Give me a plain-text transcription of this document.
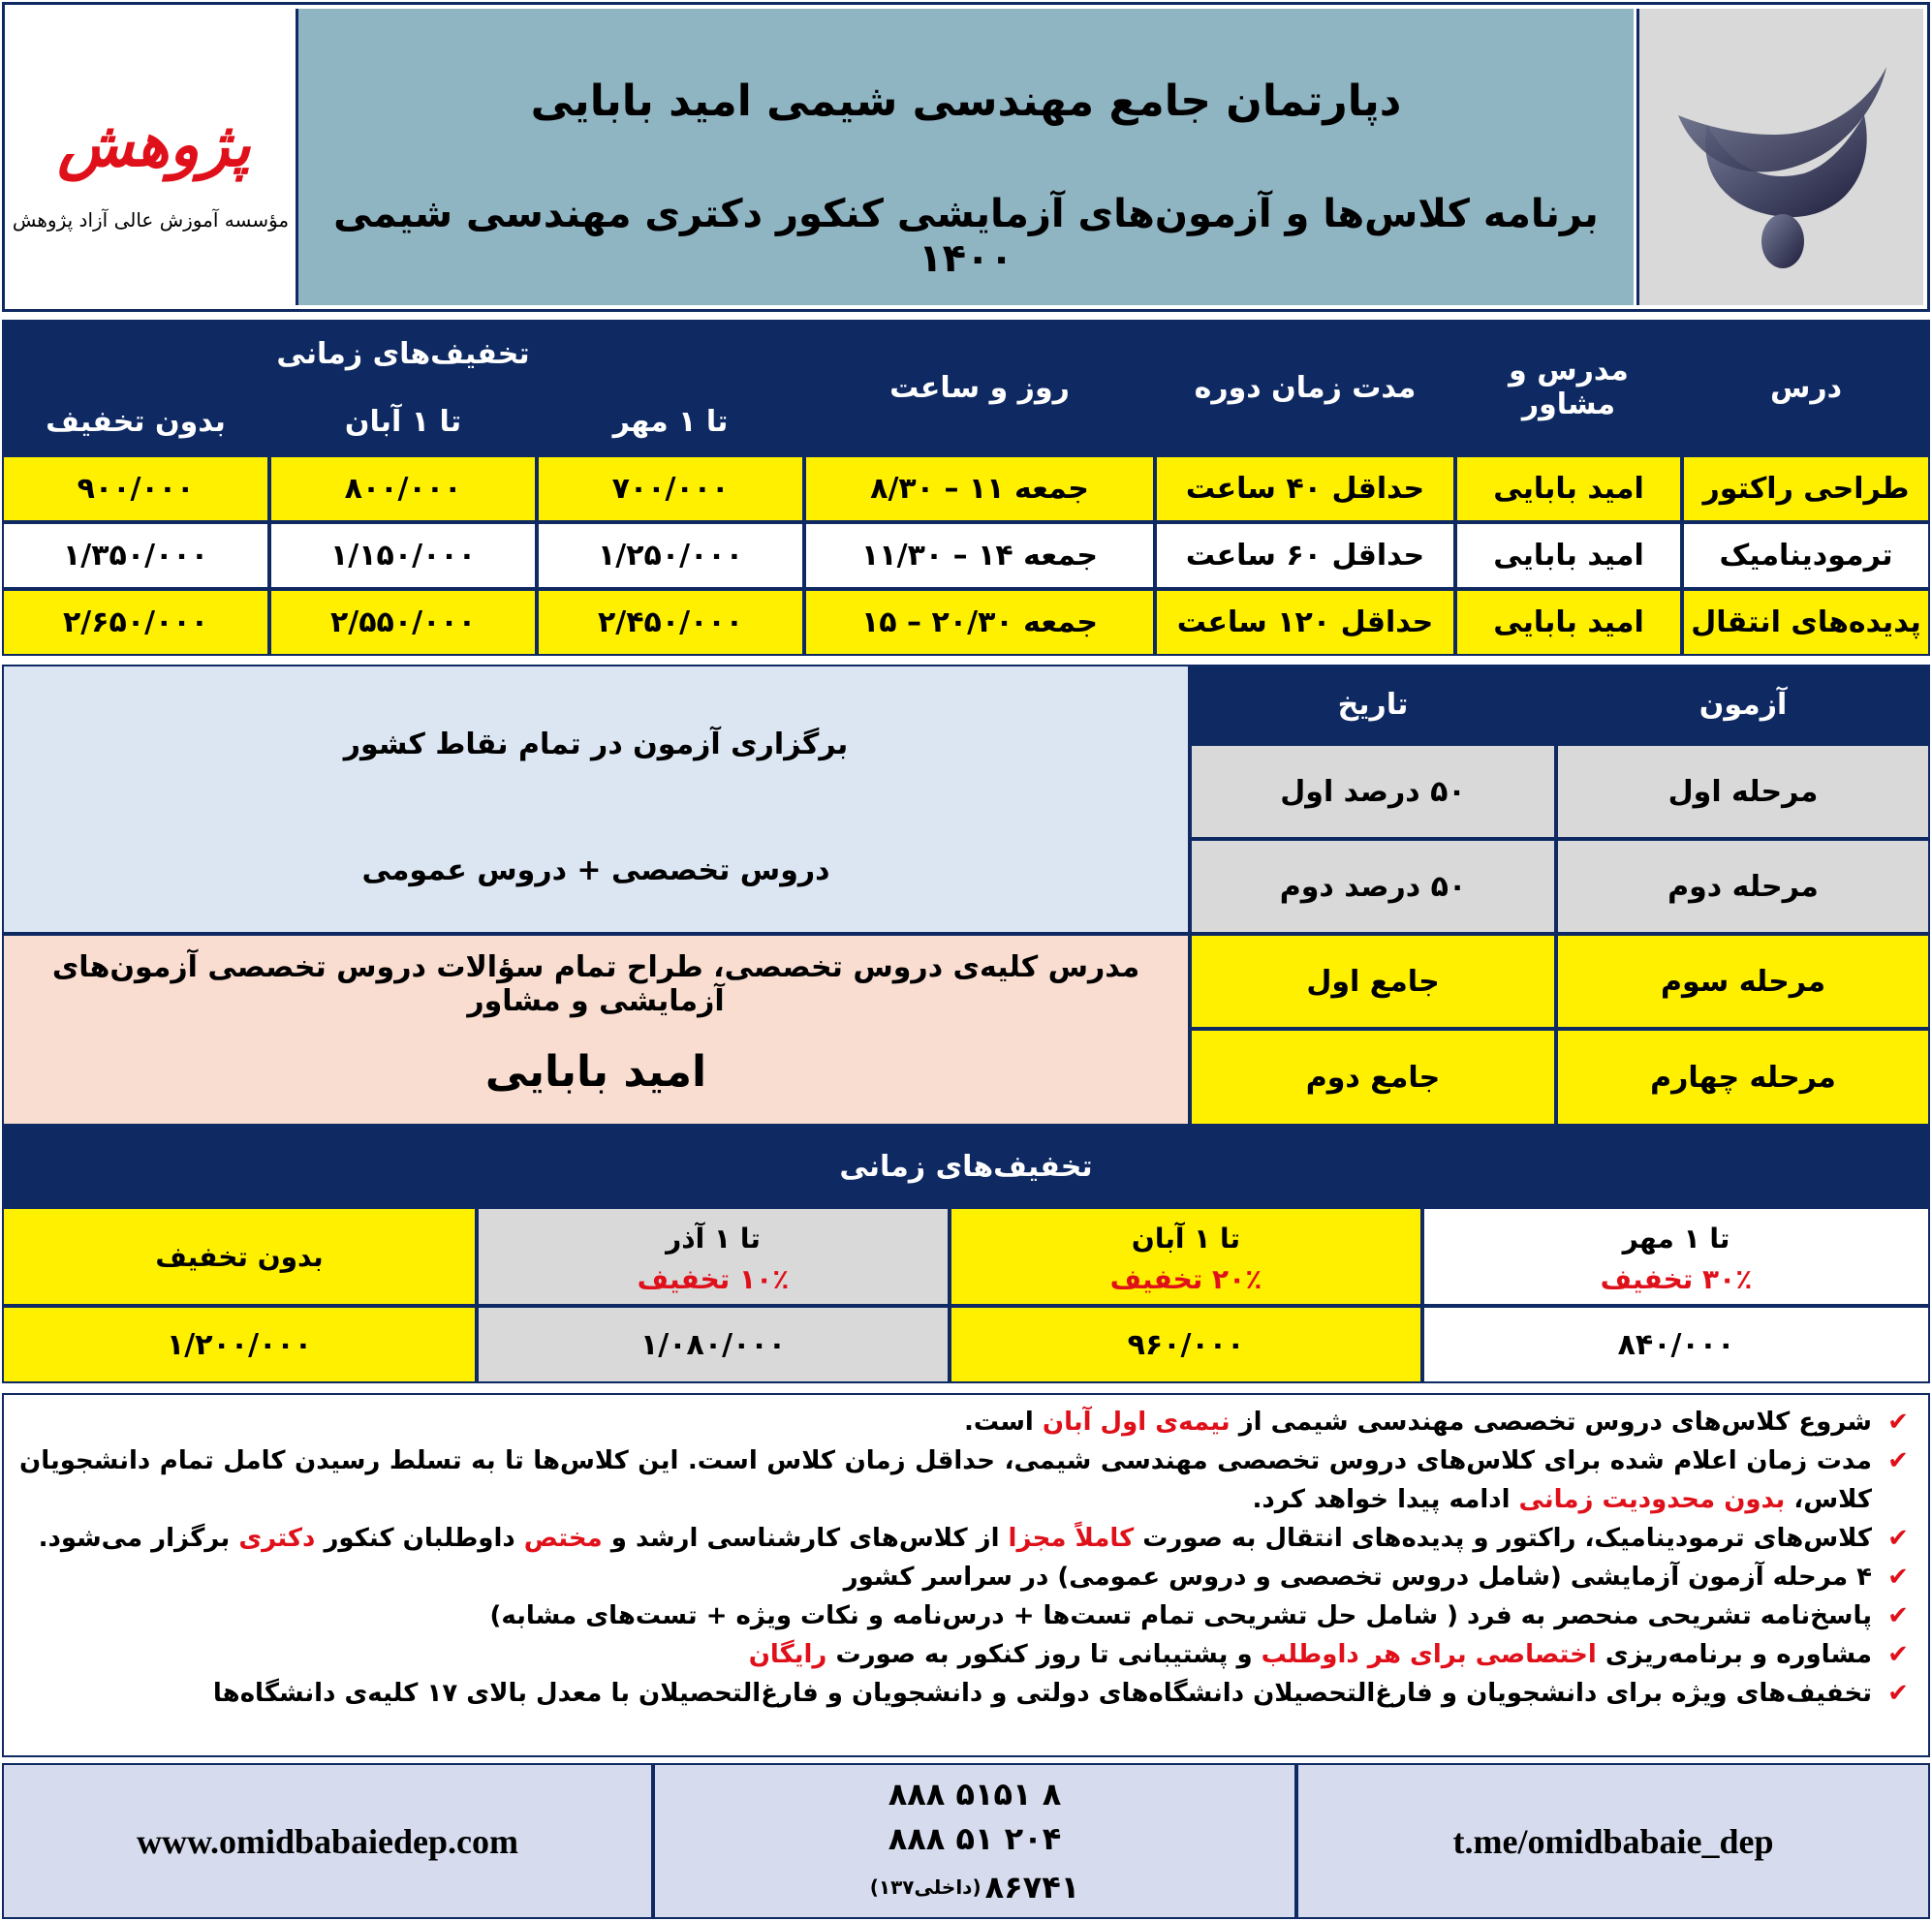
دپارتمان جامع مهندسی شیمی امید بابایی
برنامه کلاس‌ها و آزمون‌های آزمایشی کنکور دکتری مهندسی شیمی ۱۴۰۰
پژوهش
مؤسسه آموزش عالی آزاد پژوهش
درس
مدرس و مشاور
مدت زمان دوره
روز و ساعت
تخفیف‌های زمانی
تا ۱ مهر
تا ۱ آبان
بدون تخفیف
طراحی راکتور
امید بابایی
حداقل ۴۰ ساعت
جمعه ۱۱ – ۸/۳۰
۷۰۰/۰۰۰
۸۰۰/۰۰۰
۹۰۰/۰۰۰
ترمودینامیک
امید بابایی
حداقل ۶۰ ساعت
جمعه ۱۴ – ۱۱/۳۰
۱/۲۵۰/۰۰۰
۱/۱۵۰/۰۰۰
۱/۳۵۰/۰۰۰
پدیده‌های انتقال
امید بابایی
حداقل ۱۲۰ ساعت
جمعه ۲۰/۳۰ – ۱۵
۲/۴۵۰/۰۰۰
۲/۵۵۰/۰۰۰
۲/۶۵۰/۰۰۰
آزمون
تاریخ
مرحله اول
۵۰ درصد اول
مرحله دوم
۵۰ درصد دوم
مرحله سوم
جامع اول
مرحله چهارم
جامع دوم
برگزاری آزمون در تمام نقاط کشور
دروس تخصصی + دروس عمومی
مدرس کلیه‌ی دروس تخصصی، طراح تمام سؤالات دروس تخصصی آزمون‌های آزمایشی و مشاور
امید بابایی
تخفیف‌های زمانی
تا ۱ مهر
۳۰٪ تخفیف
تا ۱ آبان
۲۰٪ تخفیف
تا ۱ آذر
۱۰٪ تخفیف
بدون تخفیف
۸۴۰/۰۰۰
۹۶۰/۰۰۰
۱/۰۸۰/۰۰۰
۱/۲۰۰/۰۰۰
✔
شروع کلاس‌های دروس تخصصی مهندسی شیمی از نیمه‌ی اول آبان است.
✔
مدت زمان اعلام شده برای کلاس‌های دروس تخصصی مهندسی شیمی، حداقل زمان کلاس است. این کلاس‌ها تا به تسلط رسیدن کامل تمام دانشجویان کلاس، بدون محدودیت زمانی ادامه پیدا خواهد کرد.
✔
کلاس‌های ترمودینامیک، راکتور و پدیده‌های انتقال به صورت کاملاً مجزا از کلاس‌های کارشناسی ارشد و مختص داوطلبان کنکور دکتری برگزار می‌شود.
✔
۴ مرحله آزمون آزمایشی (شامل دروس تخصصی و دروس عمومی) در سراسر کشور
✔
پاسخ‌نامه تشریحی منحصر به فرد ( شامل حل تشریحی تمام تست‌ها + درس‌نامه و نکات ویژه + تست‌های مشابه)
✔
مشاوره و برنامه‌ریزی اختصاصی برای هر داوطلب و پشتیبانی تا روز کنکور به صورت رایگان
✔
تخفیف‌های ویژه برای دانشجویان و فارغ‌التحصیلان دانشگاه‌های دولتی و دانشجویان و فارغ‌التحصیلان با معدل بالای ۱۷ کلیه‌ی دانشگاه‌ها
t.me/omidbabaie_dep
۸۸۸ ۵۱۵۱ ۸
۸۸۸ ۵۱ ۲۰۴
۸۶۷۴۱
(داخلی۱۳۷)
www.omidbabaiedep.com
